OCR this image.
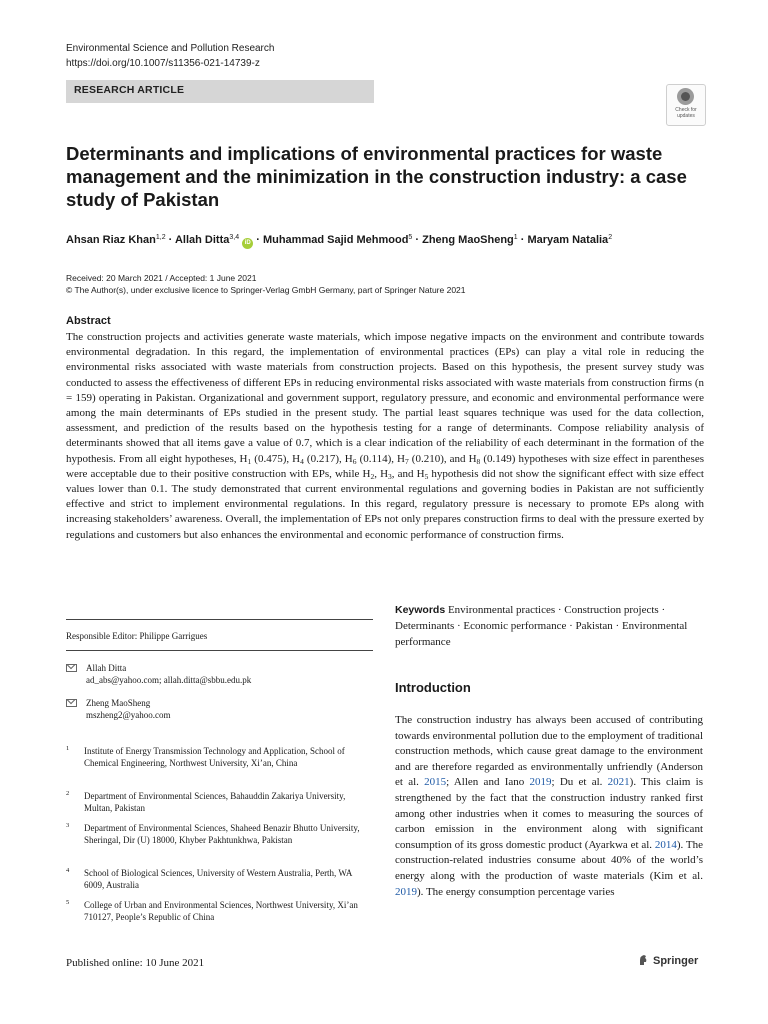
Environmental Science and Pollution Research
https://doi.org/10.1007/s11356-021-14739-z
RESEARCH ARTICLE
Check for updates
Determinants and implications of environmental practices for waste management and the minimization in the construction industry: a case study of Pakistan
Ahsan Riaz Khan$^{1,2}$ · Allah Ditta$^{3,4}$ iD · Muhammad Sajid Mehmood$^5$ · Zheng MaoSheng$^1$ · Maryam Natalia$^2$
Received: 20 March 2021 / Accepted: 1 June 2021
© The Author(s), under exclusive licence to Springer-Verlag GmbH Germany, part of Springer Nature 2021
Abstract
The construction projects and activities generate waste materials, which impose negative impacts on the environment and contribute towards environmental degradation. In this regard, the implementation of environmental practices (EPs) can play a vital role in reducing the environmental risks associated with waste materials from construction projects. Based on this hypothesis, the present survey study was conducted to assess the effectiveness of different EPs in reducing environmental risks associated with waste materials from construction firms (n = 159) operating in Pakistan. Organizational and government support, regulatory pressure, and economic and environmental performance were among the main determinants of EPs studied in the present study. The partial least squares technique was used for the data collection, assessment, and prediction of the results based on the hypothesis testing for a range of determinants. Compose reliability analysis of determinants showed that all items gave a value of 0.7, which is a clear indication of the reliability of each determinant in the formation of the hypothesis. From all eight hypotheses, $H_1$ (0.475), $H_4$ (0.217), $H_6$ (0.114), $H_7$ (0.210), and $H_8$ (0.149) hypotheses with size effect in parentheses were acceptable due to their positive construction with EPs, while $H_2$, $H_3$, and $H_5$ hypothesis did not show the significant effect with size effect values lower than 0.1. The study demonstrated that current environmental regulations and governing bodies in Pakistan are not sufficiently effective and strict to implement environmental regulations. In this regard, regulatory pressure is necessary to promote EPs along with increasing stakeholders’ awareness. Overall, the implementation of EPs not only prepares construction firms to deal with the pressure exerted by regulations and customers but also enhances the environmental and economic performance of construction firms.
Responsible Editor: Philippe Garrigues
Allah Ditta
ad_abs@yahoo.com; allah.ditta@sbbu.edu.pk
Zheng MaoSheng
mszheng2@yahoo.com
1 Institute of Energy Transmission Technology and Application, School of Chemical Engineering, Northwest University, Xi’an, China
2 Department of Environmental Sciences, Bahauddin Zakariya University, Multan, Pakistan
3 Department of Environmental Sciences, Shaheed Benazir Bhutto University, Sheringal, Dir (U) 18000, Khyber Pakhtunkhwa, Pakistan
4 School of Biological Sciences, University of Western Australia, Perth, WA 6009, Australia
5 College of Urban and Environmental Sciences, Northwest University, Xi’an 710127, People’s Republic of China
Keywords Environmental practices · Construction projects · Determinants · Economic performance · Pakistan · Environmental performance
Introduction
The construction industry has always been accused of contributing towards environmental pollution due to the employment of traditional construction methods, which cause great damage to the environment and are therefore regarded as environmentally unfriendly (Anderson et al. 2015; Allen and Iano 2019; Du et al. 2021). This claim is strengthened by the fact that the construction industry ranked first among other industries when it comes to measuring the sources of carbon emission in the environment along with significant consumption of its gross domestic product (Ayarkwa et al. 2014). The construction-related industries consume about 40% of the world’s energy along with the production of waste materials (Kim et al. 2019). The energy consumption percentage varies
Published online: 10 June 2021	Springer
